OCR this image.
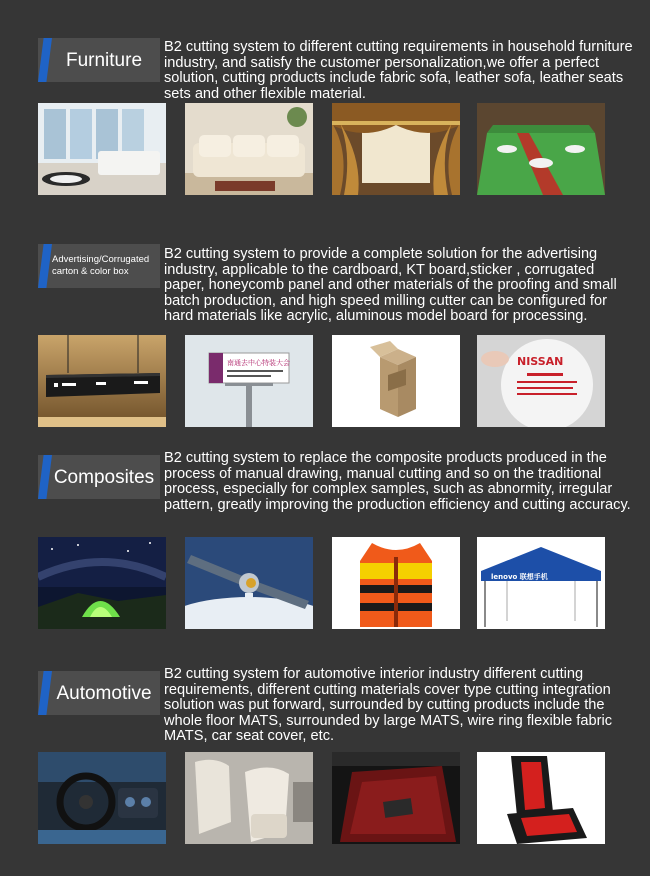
Furniture

B2 cutting system to different cutting requirements in household furniture industry, and satisfy the customer personalization,we offer a perfect solution, cutting products include fabric sofa, leather sofa, leather seats sets and other flexible material.

Advertising/Corrugated carton & color box

B2 cutting system to provide a complete solution for the advertising industry, applicable to the cardboard, KT board,sticker , corrugated paper, honeycomb panel and other materials of the proofing and small batch production, and high speed milling cutter can be configured for hard materials like acrylic, aluminous model board for processing.

南通去中心特装大会	NISSAN
Composites

B2 cutting system to replace the composite products produced in the process of manual drawing, manual cutting and so on the traditional process, especially for complex samples, such as abnormity, irregular pattern, greatly improving the production efficiency and cutting accuracy.

lenovo 联想手机
Automotive

B2 cutting system for automotive interior industry different cutting requirements, different cutting materials cover type cutting integration solution was put forward, surrounded by cutting products include the whole floor MATS, surrounded by large MATS, wire ring flexible fabric MATS, car seat cover, etc.
